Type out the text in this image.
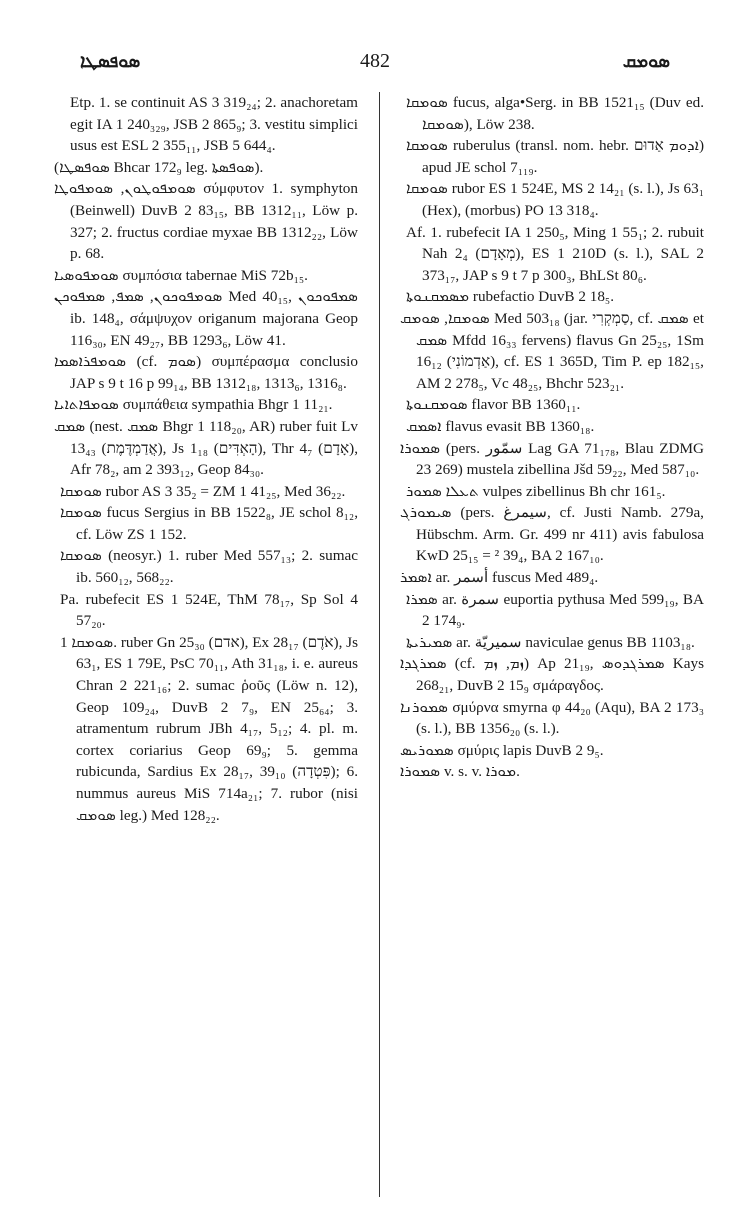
ܣܘܦܣܛܐ	482	ܣܘܡܩ

Etp. 1. se continuit AS 3 319₂₄; 2. anachoretam egit IA 1 240₃₂₉, JSB 2 865₉; 3. vestitu simplici usus est ESL 2 355₁₁, JSB 5 644₄.

(ܣܘܦܣܛܐ Bhcar 172₉ leg. ܣܘܦܣܬܐ).

ܣܘܡܦܘܛܘܢ, ܣܘܡܦܘܛܐ σύμφυτον 1. symphyton (Beinwell) DuvB 2 83₁₅, BB 1312₁₁, Löw p. 327; 2. fructus cordiae myxae BB 1312₂₂, Löw p. 68.

ܣܘܡܦܘܣܝܐ συμπόσια tabernae MiS 72b₁₅.

ܣܘܡܦܘܟܘܢ, ܣܡܦ, ܣܡܦܘܟܢ Med 40₁₅, ܣܡܦܘܟܘܢ ib. 148₄, σάμψυχον origanum majorana Geop 116₃₀, EN 49₂₇, BB 1293₆, Löw 41.

ܣܘܡܦܪܐܣܡܐ (cf. ܣܘܡ) συμπέρασμα conclusio JAP s 9 t 16 p 99₁₄, BB 1312₁₈, 1313₆, 1316₈.

ܣܘܡܦܐܬܐܝܐ συμπάθεια sympathia Bhgr 1 11₂₁.

ܣܡܩ (nest. ܣܡܩ Bhgr 1 118₂₀, AR) ruber fuit Lv 13₄₃ (אֲדַמְדֶּמֶת), Js 1₁₈ (הָאְדִּים), Thr 4₇ (אָדָם), Afr 78₂, am 2 393₁₂, Geop 84₃₀.

ܣܘܡܩܐ rubor AS 3 35₂ = ZM 1 41₂₅, Med 36₂₂.

ܣܘܡܩܐ fucus Sergius in BB 1522₈, JE schol 8₁₂, cf. Löw ZS 1 152.

ܣܘܡܩܐ (neosyr.) 1. ruber Med 557₁₃; 2. sumac ib. 560₁₂, 568₂₂.

Pa. rubefecit ES 1 524E, ThM 78₁₇, Sp Sol 4 57₂₀.

ܣܘܡܩܐ 1. ruber Gn 25₃₀ (אדם), Ex 28₁₇ (אֹדֶם), Js 63₁, ES 1 79E, PsC 70₁₁, Ath 31₁₈, i. e. aureus Chran 2 221₁₆; 2. sumac ῥοῦς (Löw n. 12), Geop 109₂₄, DuvB 2 7₉, EN 25₆₄; 3. atramentum rubrum JBh 4₁₇, 5₁₂; 4. pl. m. cortex coriarius Geop 69₉; 5. gemma rubicunda, Sardius Ex 28₁₇, 39₁₀ (פִּטְדָה); 6. nummus aureus MiS 714a₂₁; 7. rubor (nisi ܣܘܡܩ leg.) Med 128₂₂.

ܣܘܡܩܐ fucus, alga•Serg. in BB 1521₁₅ (Duv ed. ܣܘܡܩܐ), Löw 238.

ܣܘܡܩܐ ruberulus (transl. nom. hebr. ܐܕܘܡ אַדוּם) apud JE schol 7₁₁₉.

ܣܘܡܩܐ rubor ES 1 524E, MS 2 14₂₁ (s. l.), Js 63₁ (Hex), (morbus) PO 13 318₄.

Af. 1. rubefecit IA 1 250₅, Ming 1 55₁; 2. rubuit Nah 2₄ (מְאָדָם), ES 1 210D (s. l.), SAL 2 373₁₇, JAP s 9 t 7 p 300₃, BhLSt 80₆.

ܡܣܡܩܢܘܬܐ rubefactio DuvB 2 18₅.

ܣܘܡܩܐ, ܣܘܡܩ Med 503₁₈ (jar. סַמְקְרִי, cf. ܣܡܩ et ܣܡܩ Mfdd 16₃₃ fervens) flavus Gn 25₂₅, 1Sm 16₁₂ (אַדְמוֹנִי), cf. ES 1 365D, Tim P. ep 182₁₅, AM 2 278₅, Vc 48₂₅, Bhchr 523₂₁.

ܣܘܡܩܢܘܬܐ flavor BB 1360₁₁.

ܐܣܡܩ flavus evasit BB 1360₁₈.

ܣܡܘܪܐ (pers. سمّور Lag GA 71₁₇₈, Blau ZDMG 23 269) mustela zibellina Jšd 59₂₂, Med 587₁₀.

ܬܥܠܐ ܣܡܘܪ vulpes zibellinus Bh chr 161₅.

ܣܝܡܘܪܓ (pers. سیمرغ, cf. Justi Namb. 279a, Hübschm. Arm. Gr. 499 nr 411) avis fabulosa KwD 25₁₅ = ² 39₄, BA 2 167₁₀.

ܐܣܡܪ ar. أسمر fuscus Med 489₄.

ܣܡܪܐ ar. سمرة euportia pythusa Med 599₁₉, BA 2 174₉.

ܣܡܝܪܝܬܐ ar. سميريّة naviculae genus BB 1103₁₈.

ܣܡܪܓܕܐ (cf. ܙܡ, ܙܡ) Ap 21₁₉, ܣܡܪܓܕܘܣ Kays 268₂₁, DuvB 2 15₉ σμάραγδος.

ܣܡܘܪܢܐ σμύρνα smyrna φ 44₂₀ (Aqu), BA 2 173₃ (s. l.), BB 1356₂₀ (s. l.).

ܣܡܘܪܝܣ σμύρις lapis DuvB 2 9₅.

ܣܡܘܪܐ v. s. v. ܡܘܪܐ.
